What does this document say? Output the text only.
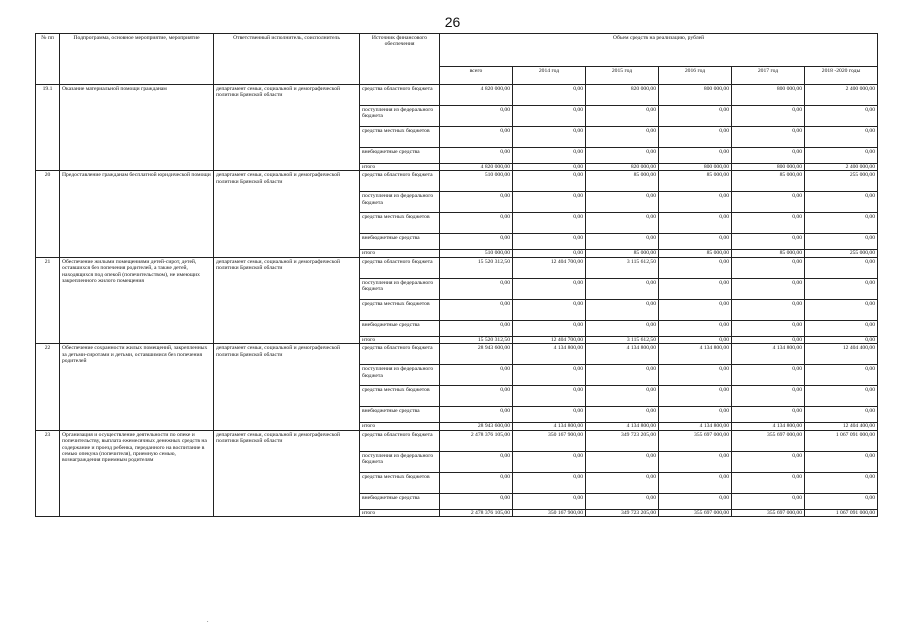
26
№ пп	Подпрограмма, основное мероприятие, мероприятие	Ответственный исполнитель, соисполнитель	Источник финансового обеспечения	Объем средств на реализацию, рублей					
				всего	2014 год	2015 год	2016 год	2017 год	2018 -2020 годы
19.1	Оказание материальной помощи гражданам	департамент семьи, социальной и демографической политики Брянской области	средства областного бюджета	4 820 000,00	0,00	820 000,00	800 000,00	800 000,00	2 400 000,00
			поступления из федерального бюджета	0,00	0,00	0,00	0,00	0,00	0,00
			средства местных бюджетов	0,00	0,00	0,00	0,00	0,00	0,00
			внебюджетные средства	0,00	0,00	0,00	0,00	0,00	0,00
			итого	4 820 000,00	0,00	820 000,00	800 000,00	800 000,00	2 400 000,00
20	Предоставление гражданам бесплатной юридической помощи	департамент семьи, социальной и демографической политики Брянской области	средства областного бюджета	510 000,00	0,00	85 000,00	85 000,00	85 000,00	255 000,00
			поступления из федерального бюджета	0,00	0,00	0,00	0,00	0,00	0,00
			средства местных бюджетов	0,00	0,00	0,00	0,00	0,00	0,00
			внебюджетные средства	0,00	0,00	0,00	0,00	0,00	0,00
			итого	510 000,00	0,00	85 000,00	85 000,00	85 000,00	255 000,00
21	Обеспечение жилыми помещениями детей-сирот, детей, оставшихся без попечения родителей, а также детей, находящихся под опекой (попечительством), не имеющих закрепленного жилого помещения	департамент семьи, социальной и демографической политики Брянской области	средства областного бюджета	15 520 312,50	12 404 700,00	3 115 612,50	0,00	0,00	0,00
			поступления из федерального бюджета	0,00	0,00	0,00	0,00	0,00	0,00
			средства местных бюджетов	0,00	0,00	0,00	0,00	0,00	0,00
			внебюджетные средства	0,00	0,00	0,00	0,00	0,00	0,00
			итого	15 520 312,50	12 404 700,00	3 115 612,50	0,00	0,00	0,00
22	Обеспечение сохранности жилых помещений, закрепленных за детьми-сиротами и детьми, оставшимися без попечения родителей	департамент семьи, социальной и демографической политики Брянской области	средства областного бюджета	28 943 600,00	4 134 800,00	4 134 800,00	4 134 800,00	4 134 800,00	12 404 400,00
			поступления из федерального бюджета	0,00	0,00	0,00	0,00	0,00	0,00
			средства местных бюджетов	0,00	0,00	0,00	0,00	0,00	0,00
			внебюджетные средства	0,00	0,00	0,00	0,00	0,00	0,00
			итого	28 943 600,00	4 134 800,00	4 134 800,00	4 134 800,00	4 134 800,00	12 404 400,00
23	Организация и осуществление деятельности по опеке и попечительству, выплата ежемесячных денежных средств на содержание и проезд ребенка, переданного на воспитание в семью опекуна (попечителя), приемную семью, вознаграждения приемным родителям	департамент семьи, социальной и демографической политики Брянской области	средства областного бюджета	2 478 376 105,00	350 167 900,00	349 723 205,00	355 697 000,00	355 697 000,00	1 067 091 000,00
			поступления из федерального бюджета	0,00	0,00	0,00	0,00	0,00	0,00
			средства местных бюджетов	0,00	0,00	0,00	0,00	0,00	0,00
			внебюджетные средства	0,00	0,00	0,00	0,00	0,00	0,00
			итого	2 478 376 105,00	350 167 900,00	349 723 205,00	355 697 000,00	355 697 000,00	1 067 091 000,00
.
